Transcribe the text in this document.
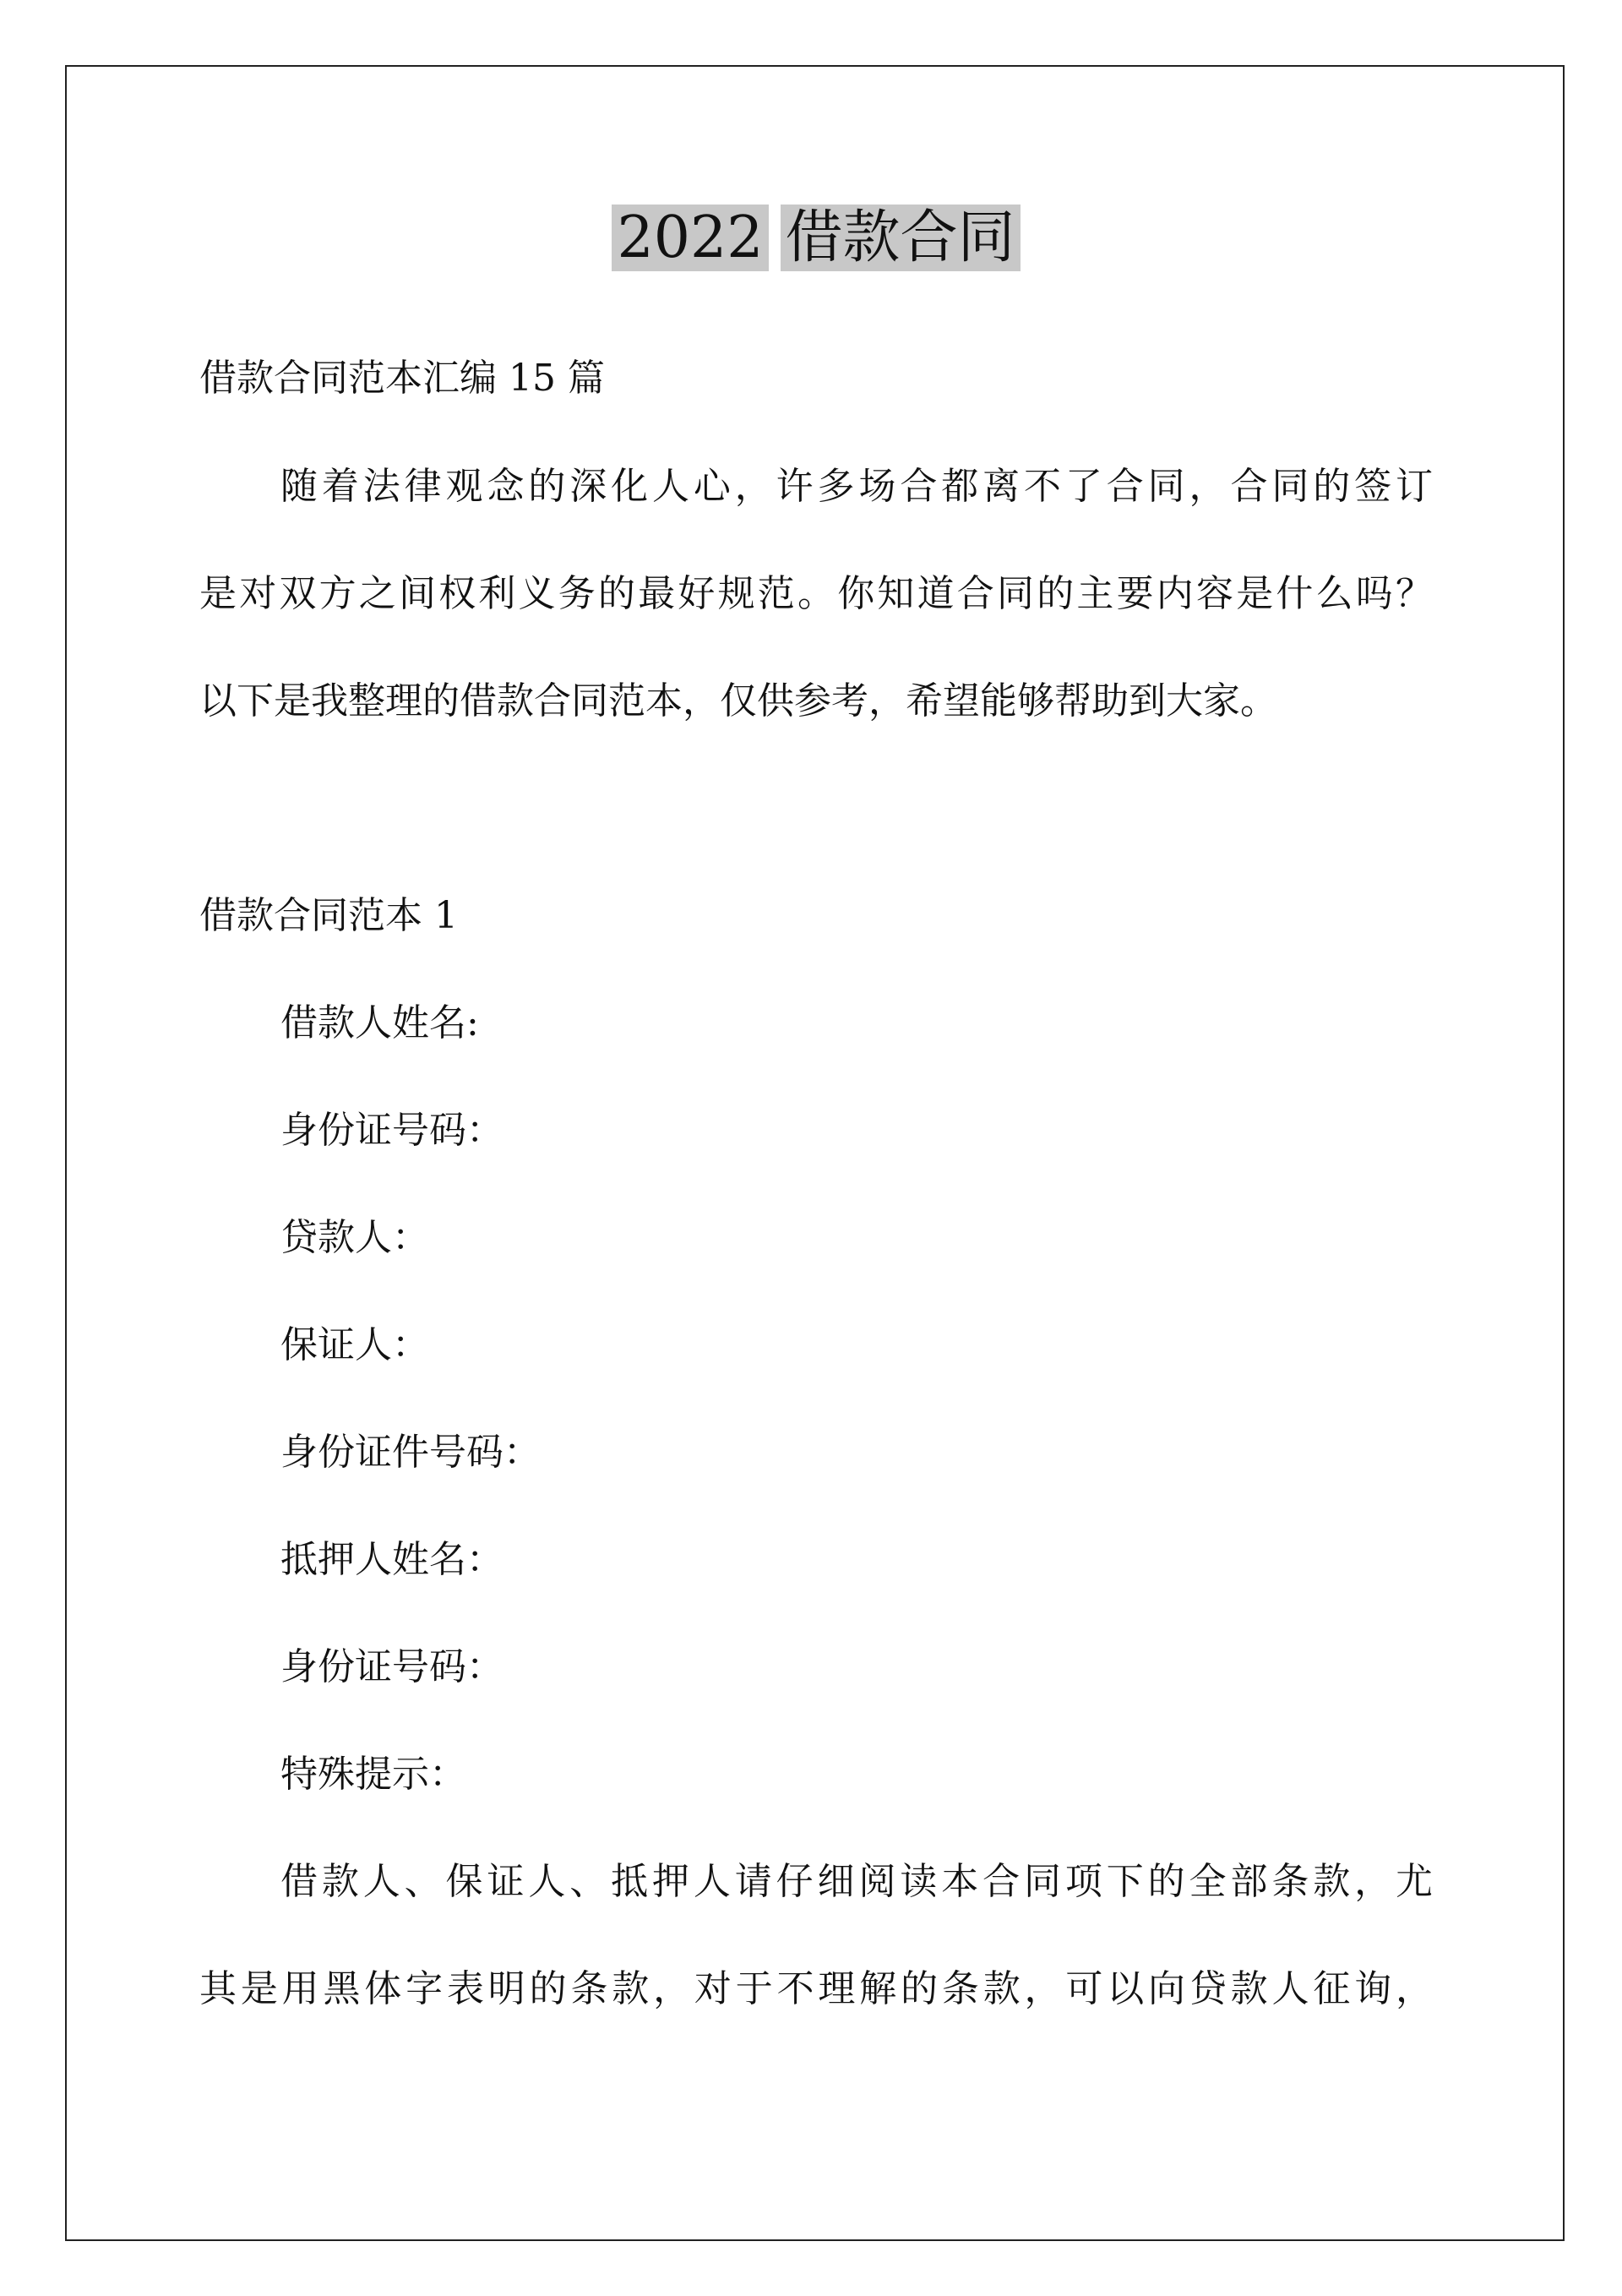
2022 借款合同
借款合同范本汇编 15 篇
随着法律观念的深化人心，许多场合都离不了合同，合同的签订
是对双方之间权利义务的最好规范。你知道合同的主要内容是什么吗？
以下是我整理的借款合同范本，仅供参考，希望能够帮助到大家。
借款合同范本 1
借款人姓名:
身份证号码：
贷款人：
保证人：
身份证件号码：
抵押人姓名：
身份证号码：
特殊提示：
借款人、保证人、抵押人请仔细阅读本合同项下的全部条款，尤
其是用黑体字表明的条款，对于不理解的条款，可以向贷款人征询，
